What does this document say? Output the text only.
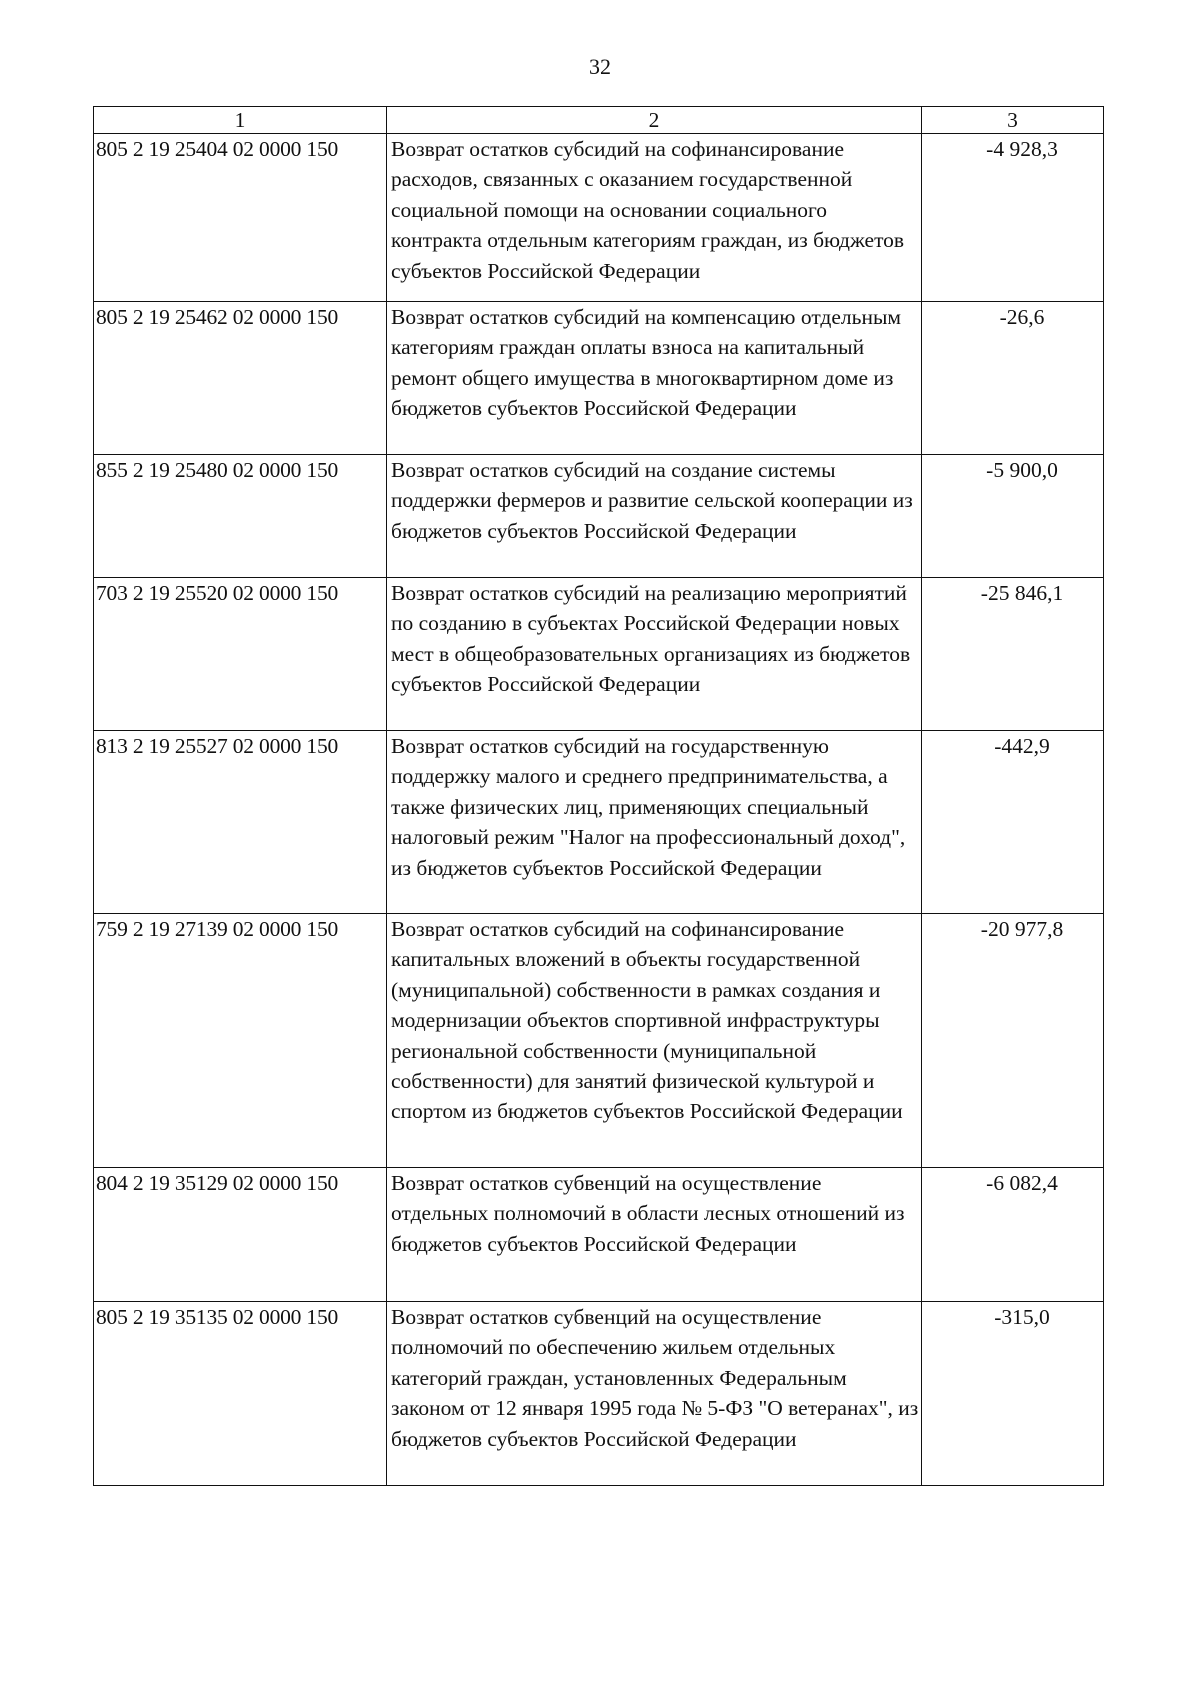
32
1	2	3
805 2 19 25404 02 0000 150	Возврат остатков субсидий на софинансирование расходов, связанных с оказанием государственной социальной помощи на основании социального контракта отдельным категориям граждан, из бюджетов субъектов Российской Федерации	-4 928,3
805 2 19 25462 02 0000 150	Возврат остатков субсидий на компенсацию отдельным категориям граждан оплаты взноса на капитальный ремонт общего имущества в многоквартирном доме из бюджетов субъектов Российской Федерации	-26,6
855 2 19 25480 02 0000 150	Возврат остатков субсидий на создание системы поддержки фермеров и развитие сельской кооперации из бюджетов субъектов Российской Федерации	-5 900,0
703 2 19 25520 02 0000 150	Возврат остатков субсидий на реализацию мероприятий по созданию в субъектах Российской Федерации новых мест в общеобразовательных организациях из бюджетов субъектов Российской Федерации	-25 846,1
813 2 19 25527 02 0000 150	Возврат остатков субсидий на государственную поддержку малого и среднего предпринимательства, а также физических лиц, применяющих специальный налоговый режим "Налог на профессиональный доход", из бюджетов субъектов Российской Федерации	-442,9
759 2 19 27139 02 0000 150	Возврат остатков субсидий на софинансирование капитальных вложений в объекты государственной (муниципальной) собственности в рамках создания и модернизации объектов спортивной инфраструктуры региональной собственности (муниципальной собственности) для занятий физической культурой и спортом из бюджетов субъектов Российской Федерации	-20 977,8
804 2 19 35129 02 0000 150	Возврат остатков субвенций на осуществление отдельных полномочий в области лесных отношений из бюджетов субъектов Российской Федерации	-6 082,4
805 2 19 35135 02 0000 150	Возврат остатков субвенций на осуществление полномочий по обеспечению жильем отдельных категорий граждан, установленных Федеральным законом от 12 января 1995 года № 5-ФЗ "О ветеранах", из бюджетов субъектов Российской Федерации	-315,0
